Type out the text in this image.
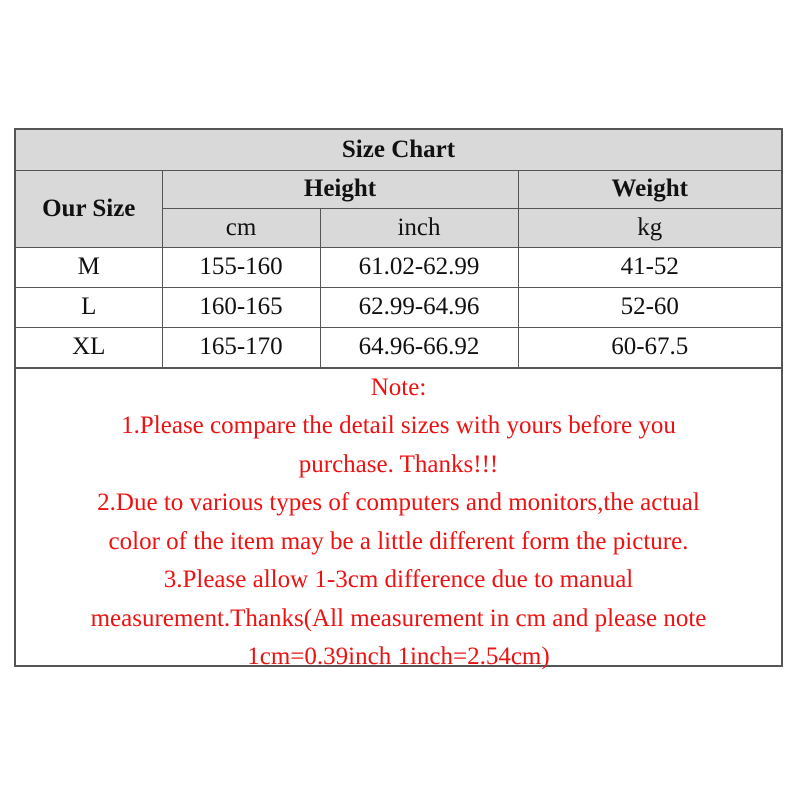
Size Chart			
Our Size	Height		Weight
	cm	inch	kg
M	155-160	61.02-62.99	41-52
L	160-165	62.99-64.96	52-60
XL	165-170	64.96-66.92	60-67.5
Note:
1.Please compare the detail sizes with yours before you
purchase. Thanks!!!
2.Due to various types of computers and monitors,the actual
color of the item may be a little different form the picture.
3.Please allow 1-3cm difference due to manual
measurement.Thanks(All measurement in cm and please note
1cm=0.39inch 1inch=2.54cm)
